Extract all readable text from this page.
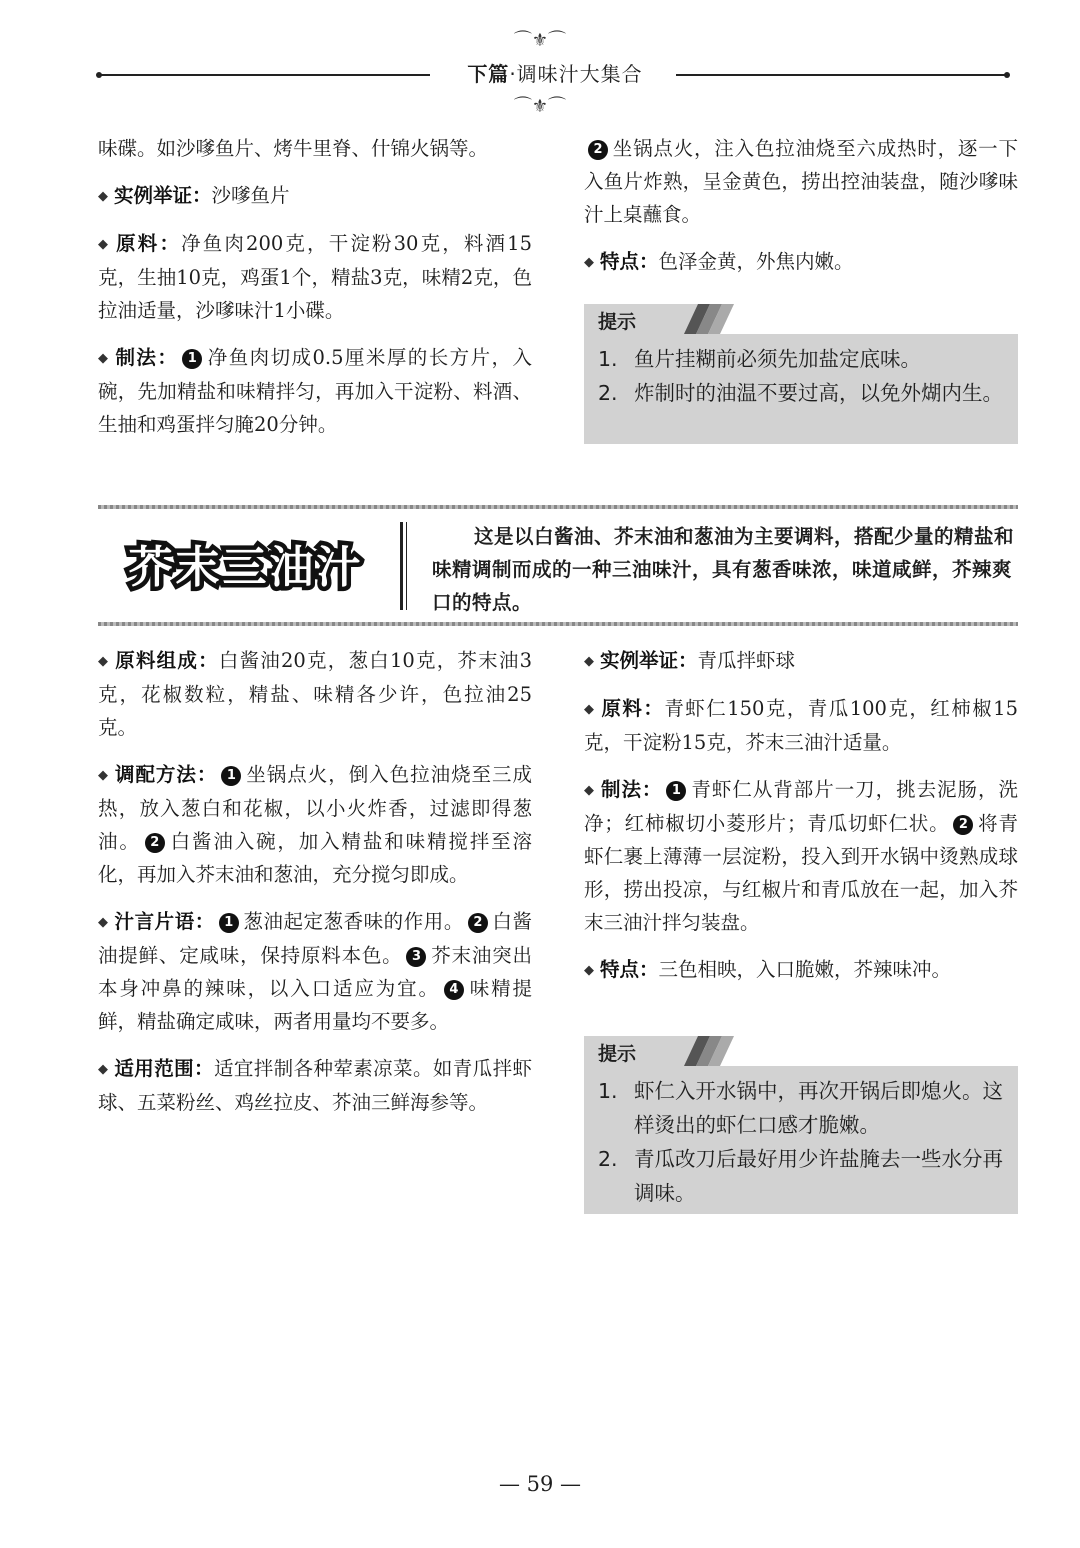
⌒⚜⌒
下篇·调味汁大集合
⌒⚜⌒

味碟。如沙嗲鱼片、烤牛里脊、什锦火锅等。

◆ 实例举证：沙嗲鱼片

◆ 原料：净鱼肉200克，干淀粉30克，料酒15克，生抽10克，鸡蛋1个，精盐3克，味精2克，色拉油适量，沙嗲味汁1小碟。

◆ 制法： 1 净鱼肉切成0.5厘米厚的长方片，入碗，先加精盐和味精拌匀，再加入干淀粉、料酒、生抽和鸡蛋拌匀腌20分钟。

2 坐锅点火，注入色拉油烧至六成热时，逐一下入鱼片炸熟，呈金黄色，捞出控油装盘，随沙嗲味汁上桌蘸食。

◆ 特点：色泽金黄，外焦内嫩。

提示
1. 鱼片挂糊前必须先加盐定底味。
2. 炸制时的油温不要过高，以免外煳内生。
芥末三油汁
这是以白酱油、芥末油和葱油为主要调料，搭配少量的精盐和味精调制而成的一种三油味汁，具有葱香味浓，味道咸鲜，芥辣爽口的特点。

◆ 原料组成：白酱油20克，葱白10克，芥末油3克，花椒数粒，精盐、味精各少许，色拉油25克。

◆ 调配方法： 1 坐锅点火，倒入色拉油烧至三成热，放入葱白和花椒，以小火炸香，过滤即得葱油。 2 白酱油入碗，加入精盐和味精搅拌至溶化，再加入芥末油和葱油，充分搅匀即成。

◆ 汁言片语： 1 葱油起定葱香味的作用。 2 白酱油提鲜、定咸味，保持原料本色。 3 芥末油突出本身冲鼻的辣味，以入口适应为宜。 4 味精提鲜，精盐确定咸味，两者用量均不要多。

◆ 适用范围：适宜拌制各种荤素凉菜。如青瓜拌虾球、五菜粉丝、鸡丝拉皮、芥油三鲜海参等。

◆ 实例举证：青瓜拌虾球

◆ 原料：青虾仁150克，青瓜100克，红柿椒15克，干淀粉15克，芥末三油汁适量。

◆ 制法： 1 青虾仁从背部片一刀，挑去泥肠，洗净；红柿椒切小菱形片；青瓜切虾仁状。 2 将青虾仁裹上薄薄一层淀粉，投入到开水锅中烫熟成球形，捞出投凉，与红椒片和青瓜放在一起，加入芥末三油汁拌匀装盘。

◆ 特点：三色相映，入口脆嫩，芥辣味冲。

提示
1. 虾仁入开水锅中，再次开锅后即熄火。这样烫出的虾仁口感才脆嫩。
2. 青瓜改刀后最好用少许盐腌去一些水分再调味。
— 59 —
